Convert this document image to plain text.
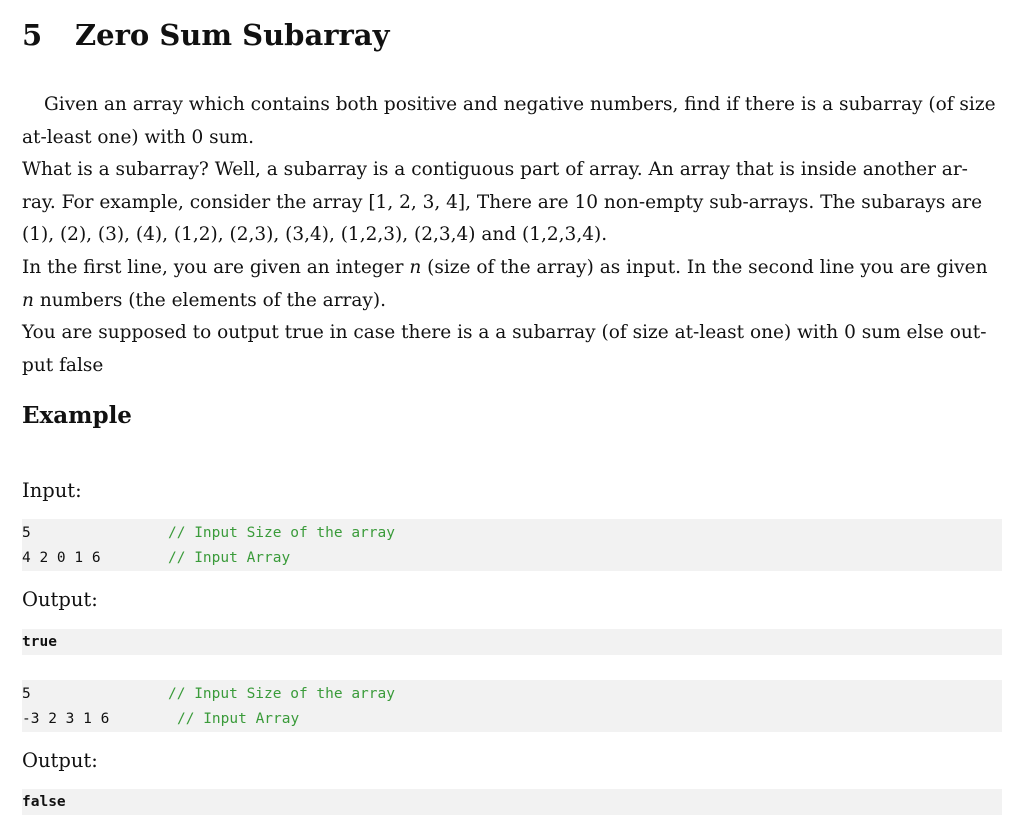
5	Zero Sum Subarray

Given an array which contains both positive and negative numbers, find if there is a subarray (of size

at-least one) with 0 sum.

What is a subarray? Well, a subarray is a contiguous part of array. An array that is inside another ar-

ray. For example, consider the array [1, 2, 3, 4], There are 10 non-empty sub-arrays. The subarays are

(1), (2), (3), (4), (1,2), (2,3), (3,4), (1,2,3), (2,3,4) and (1,2,3,4).

In the first line, you are given an integer n (size of the array) as input. In the second line you are given

n numbers (the elements of the array).

You are supposed to output true in case there is a a subarray (of size at-least one) with 0 sum else out-

put false

Example
Input:
5	// Input Size of the array
4 2 0 1 6	// Input Array
Output:
true
5	// Input Size of the array
-3 2 3 1 6	// Input Array
Output:
false
